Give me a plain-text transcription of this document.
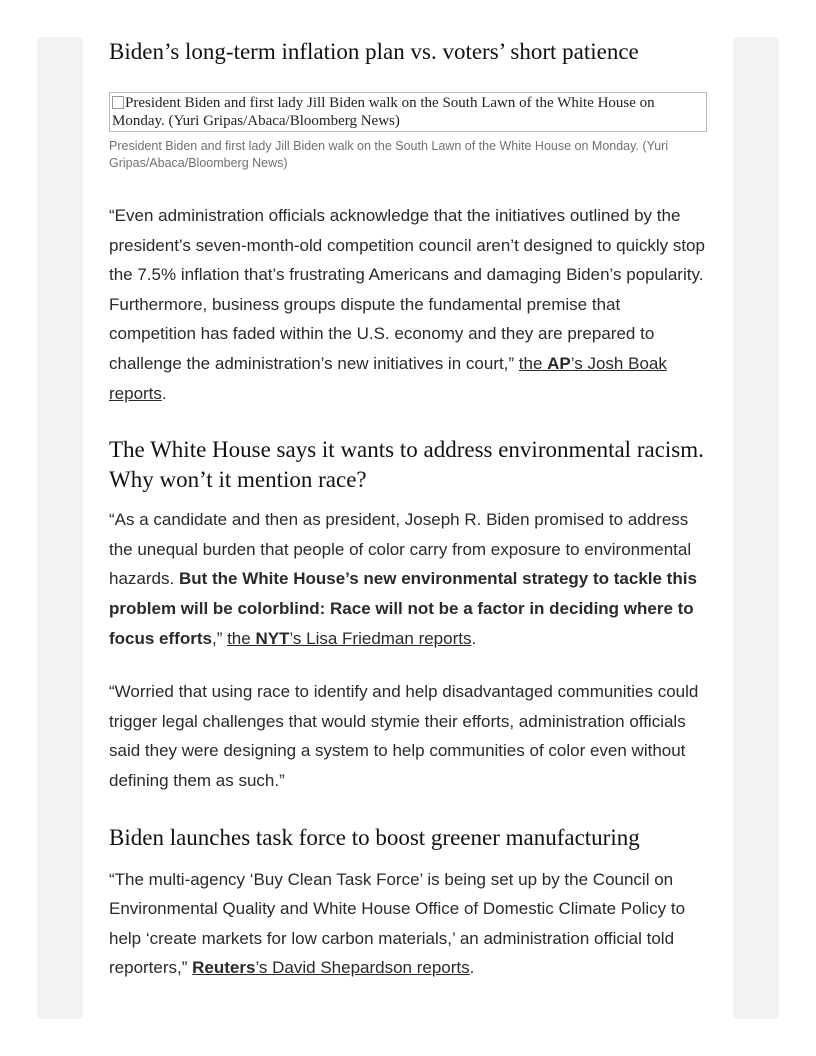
Biden’s long-term inflation plan vs. voters’ short patience
President Biden and first lady Jill Biden walk on the South Lawn of the White House on Monday. (Yuri Gripas/Abaca/Bloomberg News)
President Biden and first lady Jill Biden walk on the South Lawn of the White House on Monday. (Yuri Gripas/Abaca/Bloomberg News)

“Even administration officials acknowledge that the initiatives outlined by the president’s seven-month-old competition council aren’t designed to quickly stop the 7.5% inflation that’s frustrating Americans and damaging Biden’s popularity. Furthermore, business groups dispute the fundamental premise that competition has faded within the U.S. economy and they are prepared to challenge the administration’s new initiatives in court,” the AP’s Josh Boak reports.

The White House says it wants to address environmental racism. Why won’t it mention race?

“As a candidate and then as president, Joseph R. Biden promised to address the unequal burden that people of color carry from exposure to environmental hazards. But the White House’s new environmental strategy to tackle this problem will be colorblind: Race will not be a factor in deciding where to focus efforts,” the NYT’s Lisa Friedman reports.

“Worried that using race to identify and help disadvantaged communities could trigger legal challenges that would stymie their efforts, administration officials said they were designing a system to help communities of color even without defining them as such.”

Biden launches task force to boost greener manufacturing

“The multi-agency ‘Buy Clean Task Force’ is being set up by the Council on Environmental Quality and White House Office of Domestic Climate Policy to help ‘create markets for low carbon materials,’ an administration official told reporters,” Reuters’s David Shepardson reports.
